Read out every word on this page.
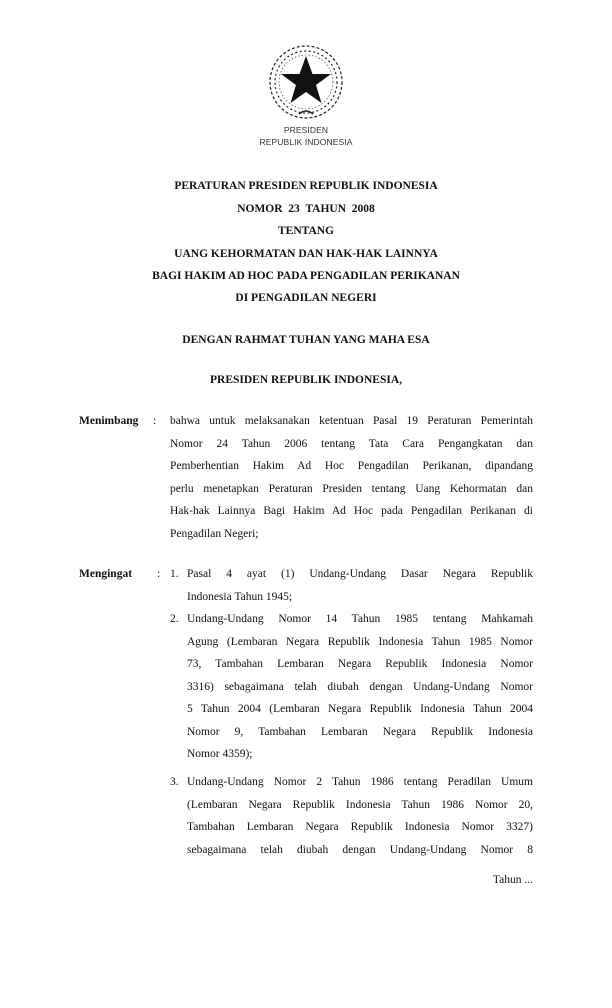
PRESIDEN
REPUBLIK INDONESIA
PERATURAN PRESIDEN REPUBLIK INDONESIA
NOMOR  23  TAHUN  2008
TENTANG
UANG KEHORMATAN DAN HAK-HAK LAINNYA
BAGI HAKIM AD HOC PADA PENGADILAN PERIKANAN
DI PENGADILAN NEGERI
DENGAN RAHMAT TUHAN YANG MAHA ESA
PRESIDEN REPUBLIK INDONESIA,
Menimbang : bahwa untuk melaksanakan ketentuan Pasal 19 Peraturan Pemerintah
Nomor 24 Tahun 2006 tentang Tata Cara Pengangkatan dan
Pemberhentian Hakim Ad Hoc Pengadilan Perikanan, dipandang
perlu menetapkan Peraturan Presiden tentang Uang Kehormatan dan
Hak-hak Lainnya Bagi Hakim Ad Hoc pada Pengadilan Perikanan di
Pengadilan Negeri;
Mengingat : 1. Pasal 4 ayat (1) Undang-Undang Dasar Negara Republik
Indonesia Tahun 1945;
2. Undang-Undang Nomor 14 Tahun 1985 tentang Mahkamah
Agung (Lembaran Negara Republik Indonesia Tahun 1985 Nomor
73, Tambahan Lembaran Negara Republik Indonesia Nomor
3316) sebagaimana telah diubah dengan Undang-Undang Nomor
5 Tahun 2004 (Lembaran Negara Republik Indonesia Tahun 2004
Nomor 9, Tambahan Lembaran Negara Republik Indonesia
Nomor 4359);
3. Undang-Undang Nomor 2 Tahun 1986 tentang Peradilan Umum
(Lembaran Negara Republik Indonesia Tahun 1986 Nomor 20,
Tambahan Lembaran Negara Republik Indonesia Nomor 3327)
sebagaimana telah diubah dengan Undang-Undang Nomor 8
Tahun ...
